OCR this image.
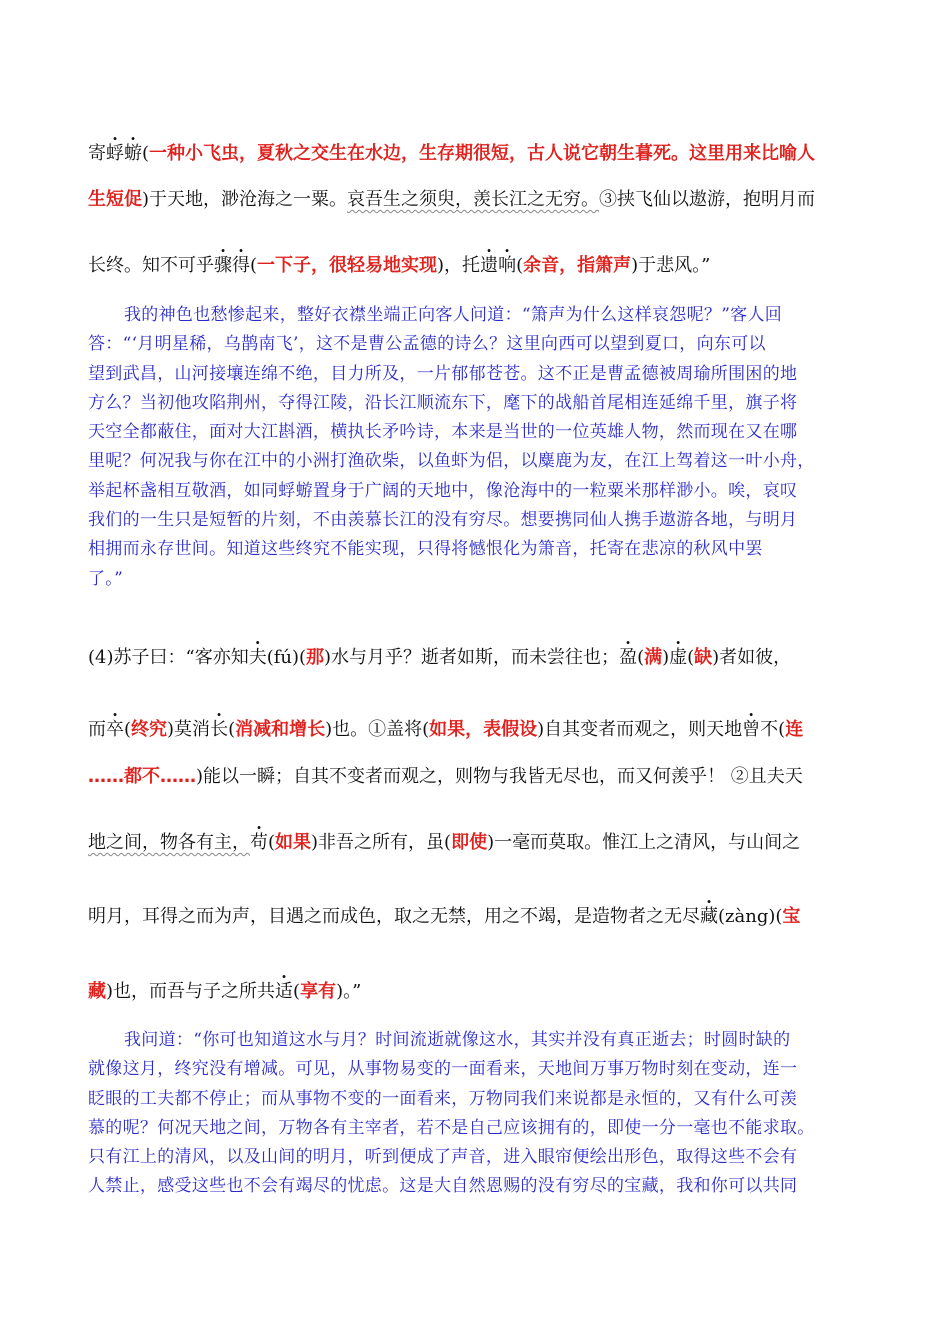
寄蜉蝣(一种小飞虫，夏秋之交生在水边，生存期很短，古人说它朝生暮死。这里用来比喻人
生短促)于天地，渺沧海之一粟。哀吾生之须臾，羡长江之无穷。③挟飞仙以遨游，抱明月而
长终。知不可乎骤得(一下子，很轻易地实现)，托遗响(余音，指箫声)于悲风。”
我的神色也愁惨起来，整好衣襟坐端正向客人问道：“箫声为什么这样哀怨呢？”客人回
答：“‘月明星稀，乌鹊南飞’，这不是曹公孟德的诗么？这里向西可以望到夏口，向东可以
望到武昌，山河接壤连绵不绝，目力所及，一片郁郁苍苍。这不正是曹孟德被周瑜所围困的地
方么？当初他攻陷荆州，夺得江陵，沿长江顺流东下，麾下的战船首尾相连延绵千里，旗子将
天空全都蔽住，面对大江斟酒，横执长矛吟诗，本来是当世的一位英雄人物，然而现在又在哪
里呢？何况我与你在江中的小洲打渔砍柴，以鱼虾为侣，以麋鹿为友，在江上驾着这一叶小舟，
举起杯盏相互敬酒，如同蜉蝣置身于广阔的天地中，像沧海中的一粒粟米那样渺小。唉，哀叹
我们的一生只是短暂的片刻，不由羡慕长江的没有穷尽。想要携同仙人携手遨游各地，与明月
相拥而永存世间。知道这些终究不能实现，只得将憾恨化为箫音，托寄在悲凉的秋风中罢
了。”
(4)苏子曰：“客亦知夫(fú)(那)水与月乎？逝者如斯，而未尝往也；盈(满)虚(缺)者如彼，
而卒(终究)莫消长(消减和增长)也。①盖将(如果，表假设)自其变者而观之，则天地曾不(连
……都不……)能以一瞬；自其不变者而观之，则物与我皆无尽也，而又何羡乎！ ②且夫天
地之间，物各有主，苟(如果)非吾之所有，虽(即使)一毫而莫取。惟江上之清风，与山间之
明月，耳得之而为声，目遇之而成色，取之无禁，用之不竭，是造物者之无尽藏(zàng)(宝
藏)也，而吾与子之所共适(享有)。”
我问道：“你可也知道这水与月？时间流逝就像这水，其实并没有真正逝去；时圆时缺的
就像这月，终究没有增减。可见，从事物易变的一面看来，天地间万事万物时刻在变动，连一
眨眼的工夫都不停止；而从事物不变的一面看来，万物同我们来说都是永恒的，又有什么可羡
慕的呢？何况天地之间，万物各有主宰者，若不是自己应该拥有的，即使一分一毫也不能求取。
只有江上的清风，以及山间的明月，听到便成了声音，进入眼帘便绘出形色，取得这些不会有
人禁止，感受这些也不会有竭尽的忧虑。这是大自然恩赐的没有穷尽的宝藏，我和你可以共同
